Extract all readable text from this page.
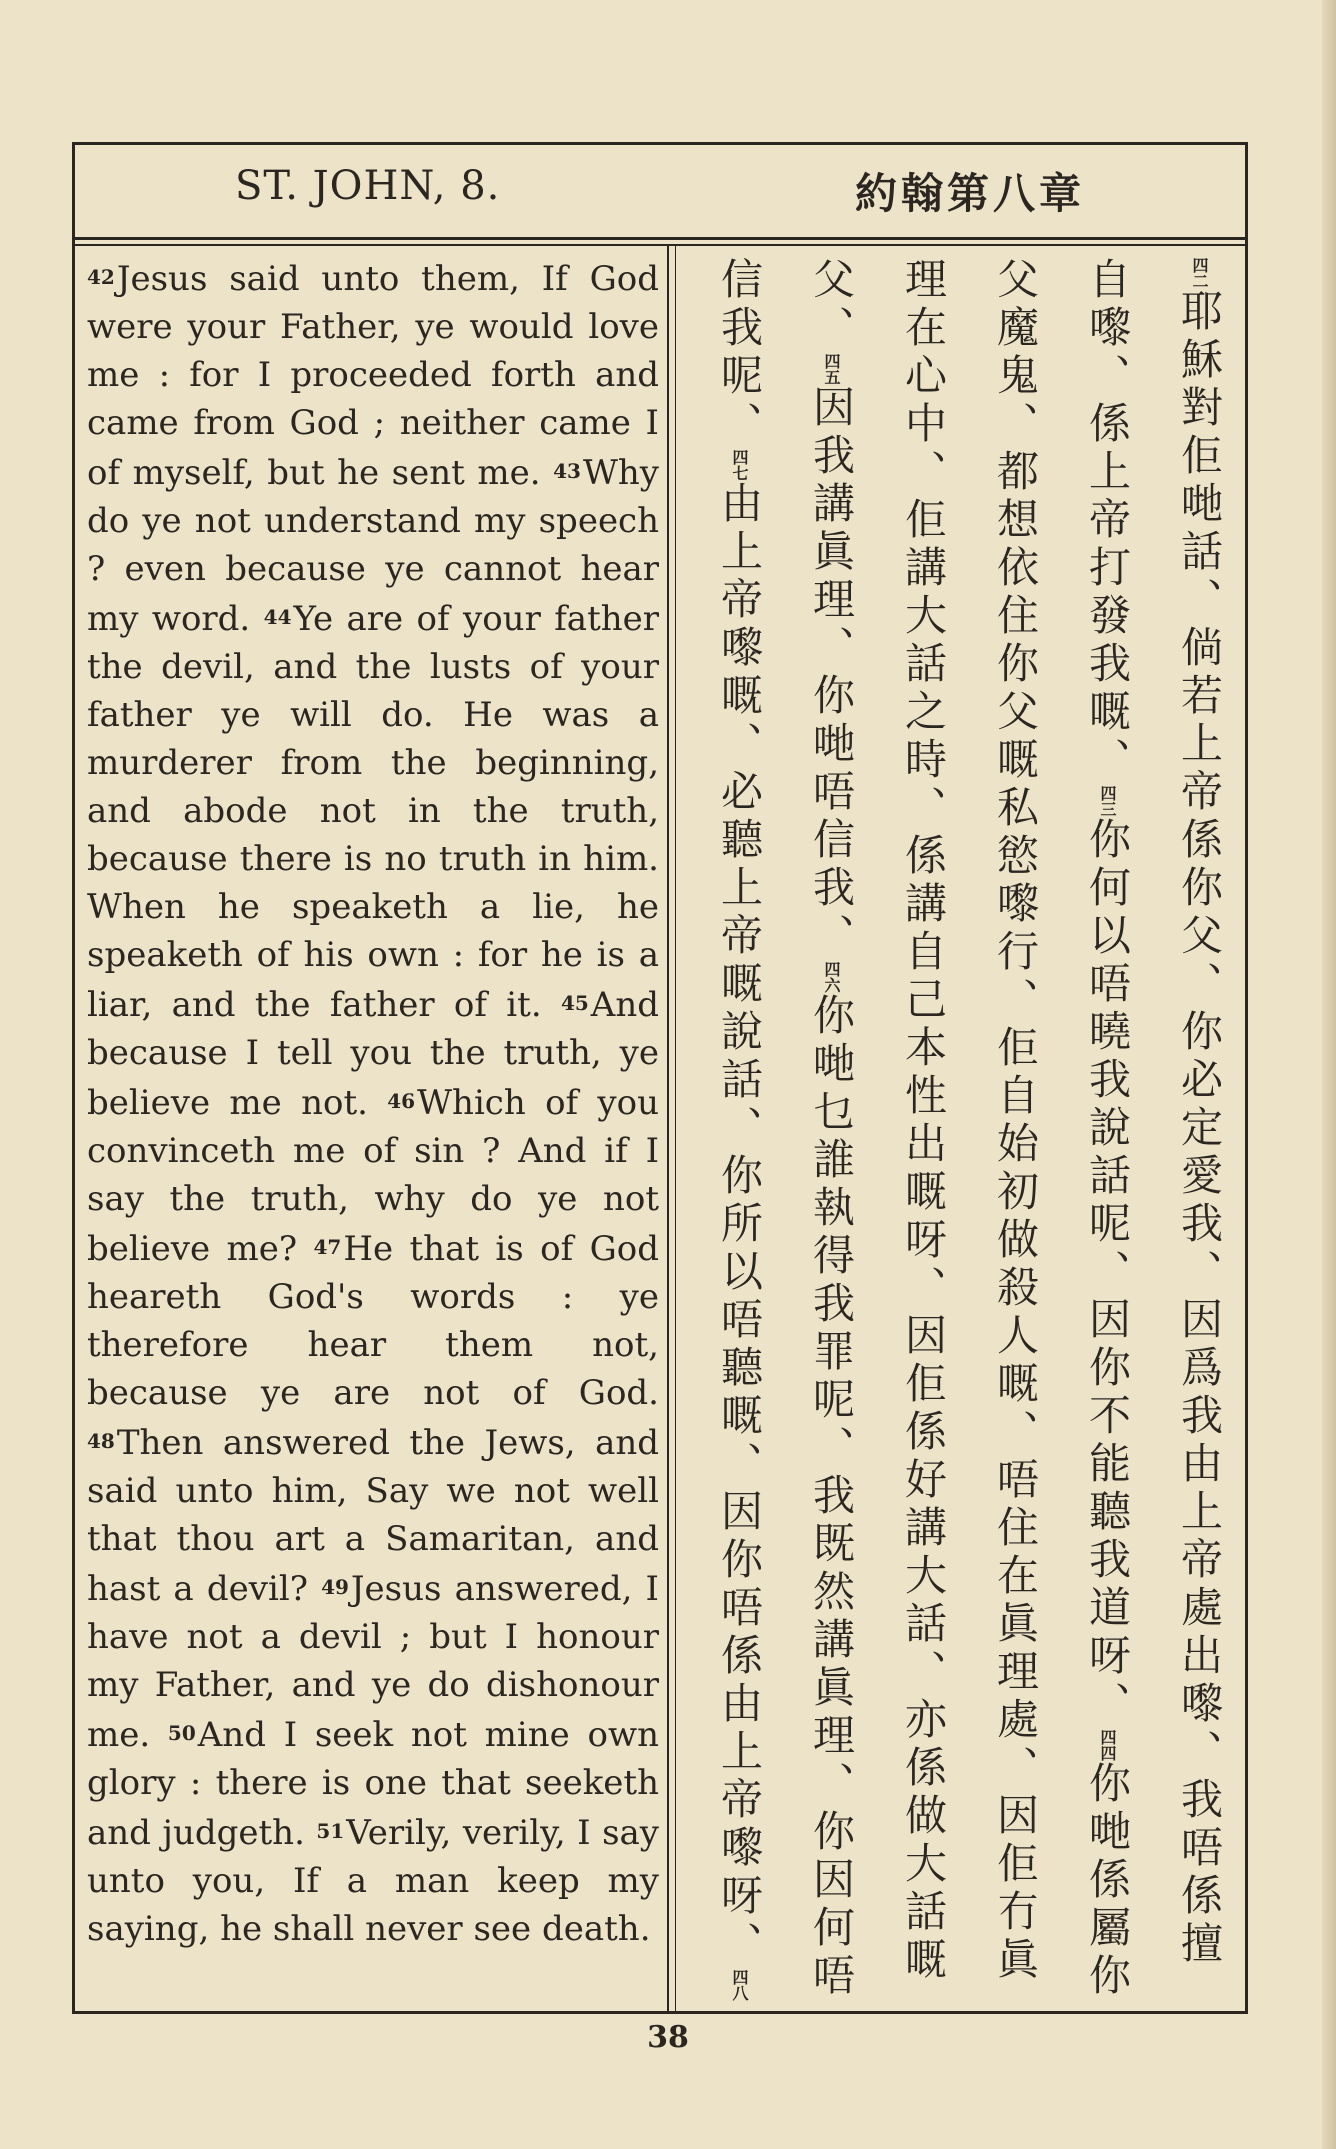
ST. JOHN, 8.	約翰第八章
42Jesus said unto them, If God were your Father, ye would love me : for I proceeded forth and came from God ; neither came I of myself, but he sent me. 43Why do ye not understand my speech ? even because ye cannot hear my word. 44Ye are of your father the devil, and the lusts of your father ye will do. He was a murderer from the beginning, and abode not in the truth, because there is no truth in him. When he speaketh a lie, he speaketh of his own : for he is a liar, and the father of it. 45And because I tell you the truth, ye believe me not. 46Which of you convinceth me of sin ? And if I say the truth, why do ye not believe me? 47He that is of God heareth God's words : ye therefore hear them not, because ye are not of God. 48Then answered the Jews, and said unto him, Say we not well that thou art a Samaritan, and hast a devil? 49Jesus answered, I have not a devil ; but I honour my Father, and ye do dishonour me. 50And I seek not mine own glory : there is one that seeketh and judgeth. 51Verily, verily, I say unto you, If a man keep my saying, he shall never see death.
四二耶穌對佢哋話、倘若上帝係你父、你必定愛我、因爲我由上帝處出嚟、我唔係擅自嚟、係上帝打發我嘅、四三你何以唔曉我說話呢、因你不能聽我道呀、四四你哋係屬你父魔鬼、都想依住你父嘅私慾嚟行、佢自始初做殺人嘅、唔住在眞理處、因佢冇眞理在心中、佢講大話之時、係講自己本性出嘅呀、因佢係好講大話、亦係做大話嘅父、四五因我講眞理、你哋唔信我、四六你哋乜誰執得我罪呢、我既然講眞理、你因何唔信我呢、四七由上帝嚟嘅、必聽上帝嘅說話、你所以唔聽嘅、因你唔係由上帝嚟呀、四八
38
